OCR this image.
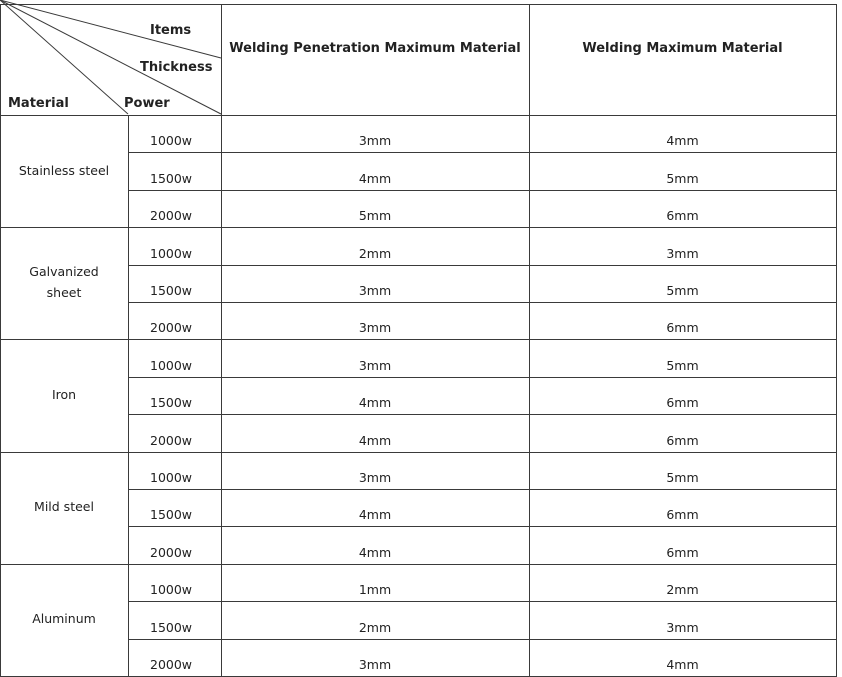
Items
Thickness
Material	Power
Welding Penetration Maximum Material	Welding Maximum Material
Stainless steel
1000w	3mm	4mm
1500w	4mm	5mm
2000w	5mm	6mm
Galvanized
sheet
1000w	2mm	3mm
1500w	3mm	5mm
2000w	3mm	6mm
Iron
1000w	3mm	5mm
1500w	4mm	6mm
2000w	4mm	6mm
Mild steel
1000w	3mm	5mm
1500w	4mm	6mm
2000w	4mm	6mm
Aluminum
1000w	1mm	2mm
1500w	2mm	3mm
2000w	3mm	4mm
